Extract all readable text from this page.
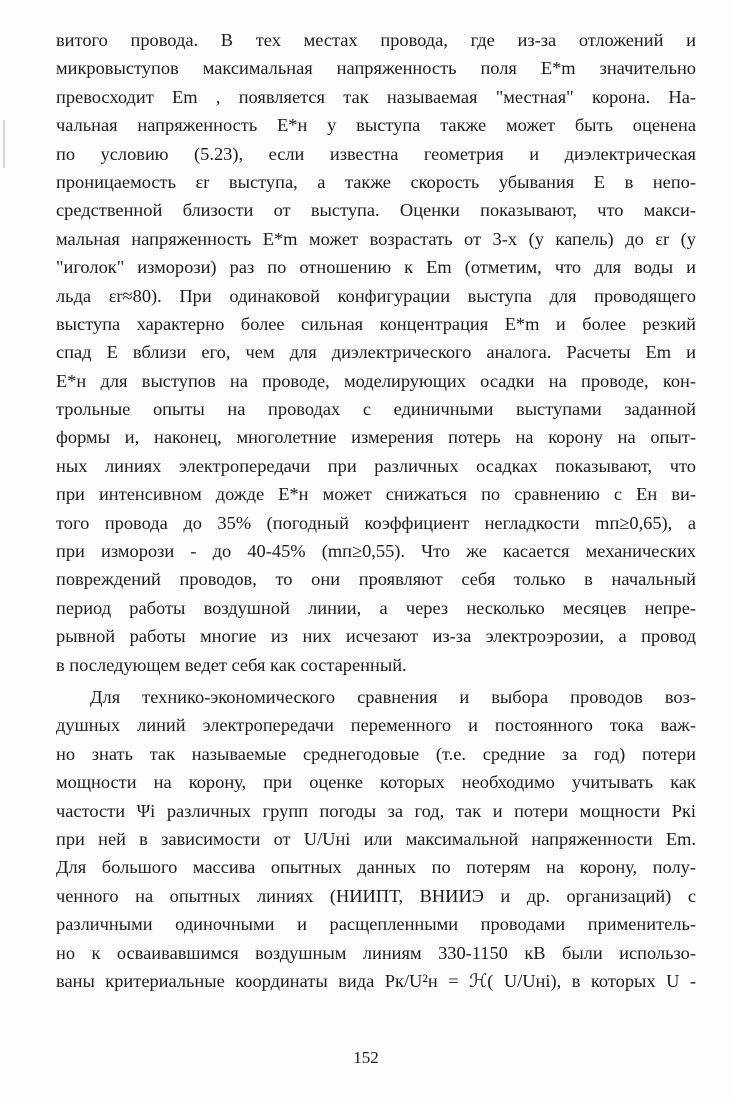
витого провода. В тех местах провода, где из-за отложений и
микровыступов максимальная напряженность поля E*m значительно
превосходит Em , появляется так называемая "местная" корона. На-
чальная напряженность E*н у выступа также может быть оценена
по условию (5.23), если известна геометрия и диэлектрическая
проницаемость εr выступа, а также скорость убывания E в непо-
средственной близости от выступа. Оценки показывают, что макси-
мальная напряженность E*m может возрастать от 3-х (у капель) до εr (у
"иголок" изморози) раз по отношению к Em (отметим, что для воды и
льда εr≈80). При одинаковой конфигурации выступа для проводящего
выступа характерно более сильная концентрация E*m и более резкий
спад E вблизи его, чем для диэлектрического аналога. Расчеты Em и
E*н для выступов на проводе, моделирующих осадки на проводе, кон-
трольные опыты на проводах с единичными выступами заданной
формы и, наконец, многолетние измерения потерь на корону на опыт-
ных линиях электропередачи при различных осадках показывают, что
при интенсивном дожде E*н может снижаться по сравнению с Eн ви-
того провода до 35% (погодный коэффициент негладкости mп≥0,65), а
при изморози - до 40-45% (mп≥0,55). Что же касается механических
повреждений проводов, то они проявляют себя только в начальный
период работы воздушной линии, а через несколько месяцев непре-
рывной работы многие из них исчезают из-за электроэрозии, а провод
в последующем ведет себя как состаренный.
Для технико-экономического сравнения и выбора проводов воз-
душных линий электропередачи переменного и постоянного тока важ-
но знать так называемые среднегодовые (т.е. средние за год) потери
мощности на корону, при оценке которых необходимо учитывать как
частости Ψi различных групп погоды за год, так и потери мощности Pкi
при ней в зависимости от U/Uнi или максимальной напряженности Em.
Для большого массива опытных данных по потерям на корону, полу-
ченного на опытных линиях (НИИПТ, ВНИИЭ и др. организаций) с
различными одиночными и расщепленными проводами применитель-
но к осваивавшимся воздушным линиям 330-1150 кВ были использо-
ваны критериальные координаты вида Pк/U²н = ℋ( U/Uнi), в которых U -
152
